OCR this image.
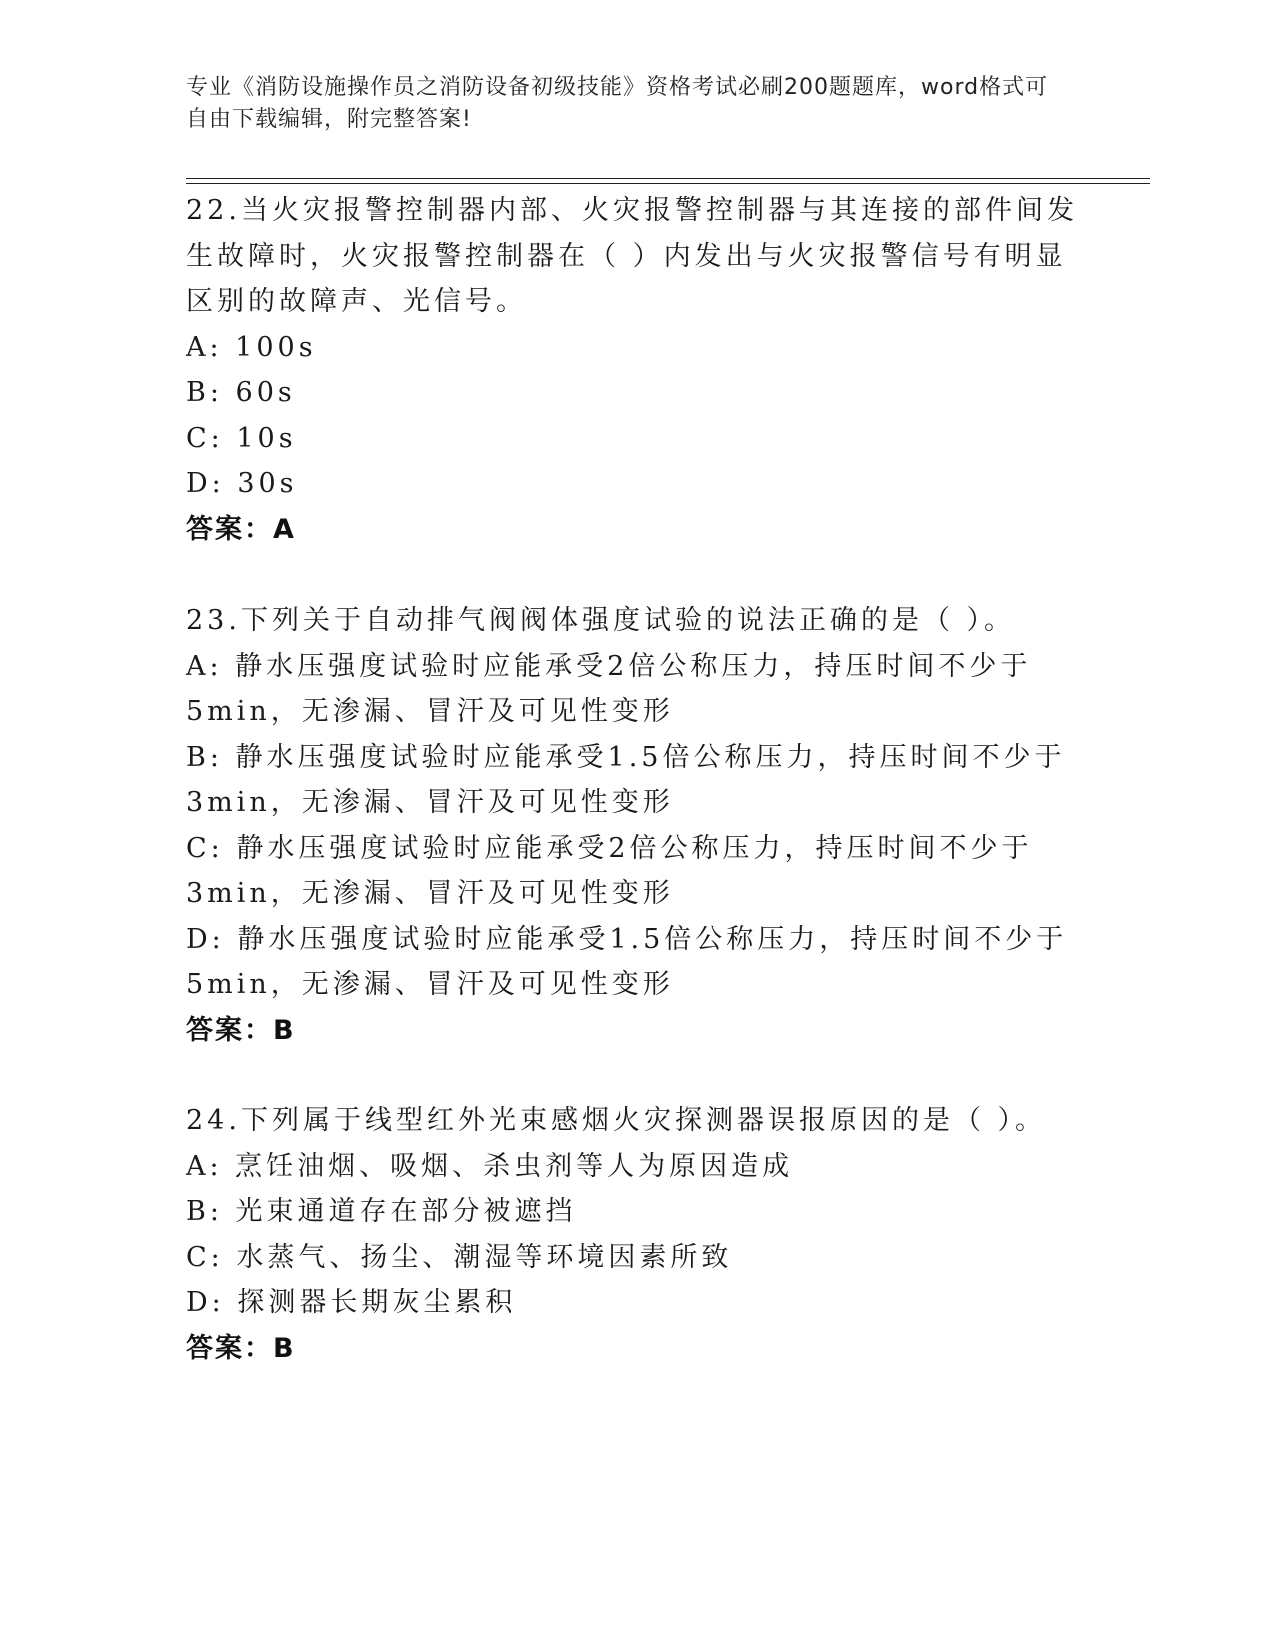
专业《消防设施操作员之消防设备初级技能》资格考试必刷200题题库，word格式可自由下载编辑，附完整答案!
22.当火灾报警控制器内部、火灾报警控制器与其连接的部件间发生故障时，火灾报警控制器在（ ）内发出与火灾报警信号有明显区别的故障声、光信号。
A: 100s
B: 60s
C: 10s
D: 30s
答案：A
23.下列关于自动排气阀阀体强度试验的说法正确的是（ ）。
A: 静水压强度试验时应能承受2倍公称压力，持压时间不少于5min，无渗漏、冒汗及可见性变形
B: 静水压强度试验时应能承受1.5倍公称压力，持压时间不少于3min，无渗漏、冒汗及可见性变形
C: 静水压强度试验时应能承受2倍公称压力，持压时间不少于3min，无渗漏、冒汗及可见性变形
D: 静水压强度试验时应能承受1.5倍公称压力，持压时间不少于5min，无渗漏、冒汗及可见性变形
答案：B
24.下列属于线型红外光束感烟火灾探测器误报原因的是（ ）。
A: 烹饪油烟、吸烟、杀虫剂等人为原因造成
B: 光束通道存在部分被遮挡
C: 水蒸气、扬尘、潮湿等环境因素所致
D: 探测器长期灰尘累积
答案：B
